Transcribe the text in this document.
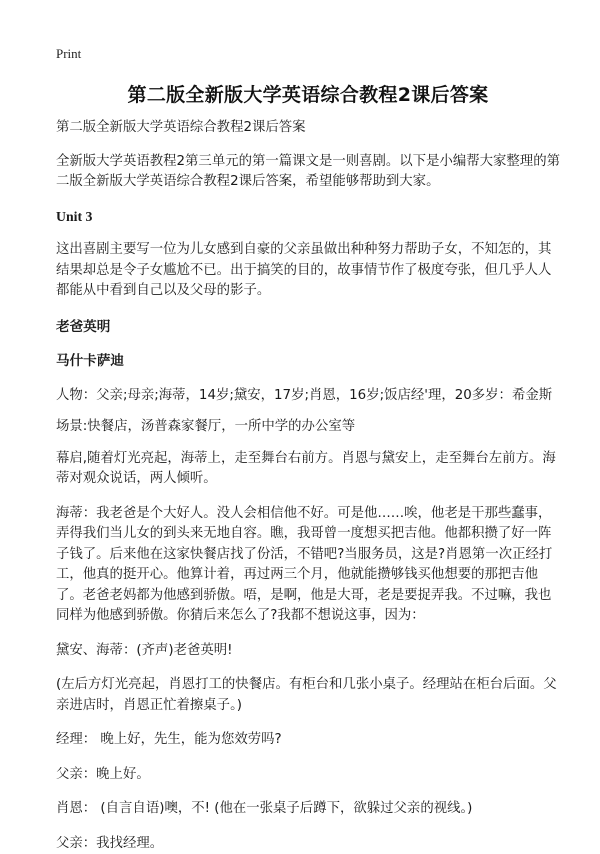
Print
第二版全新版大学英语综合教程2课后答案

第二版全新版大学英语综合教程2课后答案

全新版大学英语教程2第三单元的第一篇课文是一则喜剧。以下是小编帮大家整理的第二版全新版大学英语综合教程2课后答案，希望能够帮助到大家。

Unit 3

这出喜剧主要写一位为儿女感到自豪的父亲虽做出种种努力帮助子女，不知怎的，其结果却总是令子女尴尬不已。出于搞笑的目的，故事情节作了极度夸张，但几乎人人都能从中看到自己以及父母的影子。

老爸英明

马什卡萨迪

人物：父亲;母亲;海蒂，14岁;黛安，17岁;肖恩，16岁;饭店经'理，20多岁：希金斯

场景:快餐店，汤普森家餐厅，一所中学的办公室等

幕启,随着灯光亮起，海蒂上，走至舞台右前方。肖恩与黛安上，走至舞台左前方。海蒂对观众说话，两人倾听。

海蒂：我老爸是个大好人。没人会相信他不好。可是他……唉，他老是干那些蠢事，弄得我们当儿女的到头来无地自容。瞧，我哥曾一度想买把吉他。他都积攒了好一阵子钱了。后来他在这家快餐店找了份活，不错吧?当服务员，这是?肖恩第一次正经打工，他真的挺开心。他算计着，再过两三个月，他就能攒够钱买他想要的那把吉他了。老爸老妈都为他感到骄傲。唔，是啊，他是大哥，老是要捉弄我。不过嘛，我也同样为他感到骄傲。你猜后来怎么了?我都不想说这事，因为：

黛安、海蒂：(齐声)老爸英明!

(左后方灯光亮起，肖恩打工的快餐店。有柜台和几张小桌子。经理站在柜台后面。父亲进店时，肖恩正忙着擦桌子。)

经理： 晚上好，先生，能为您效劳吗?

父亲：晚上好。

肖恩： (自言自语)噢，不! (他在一张桌子后蹲下，欲躲过父亲的视线。)

父亲：我找经理。
